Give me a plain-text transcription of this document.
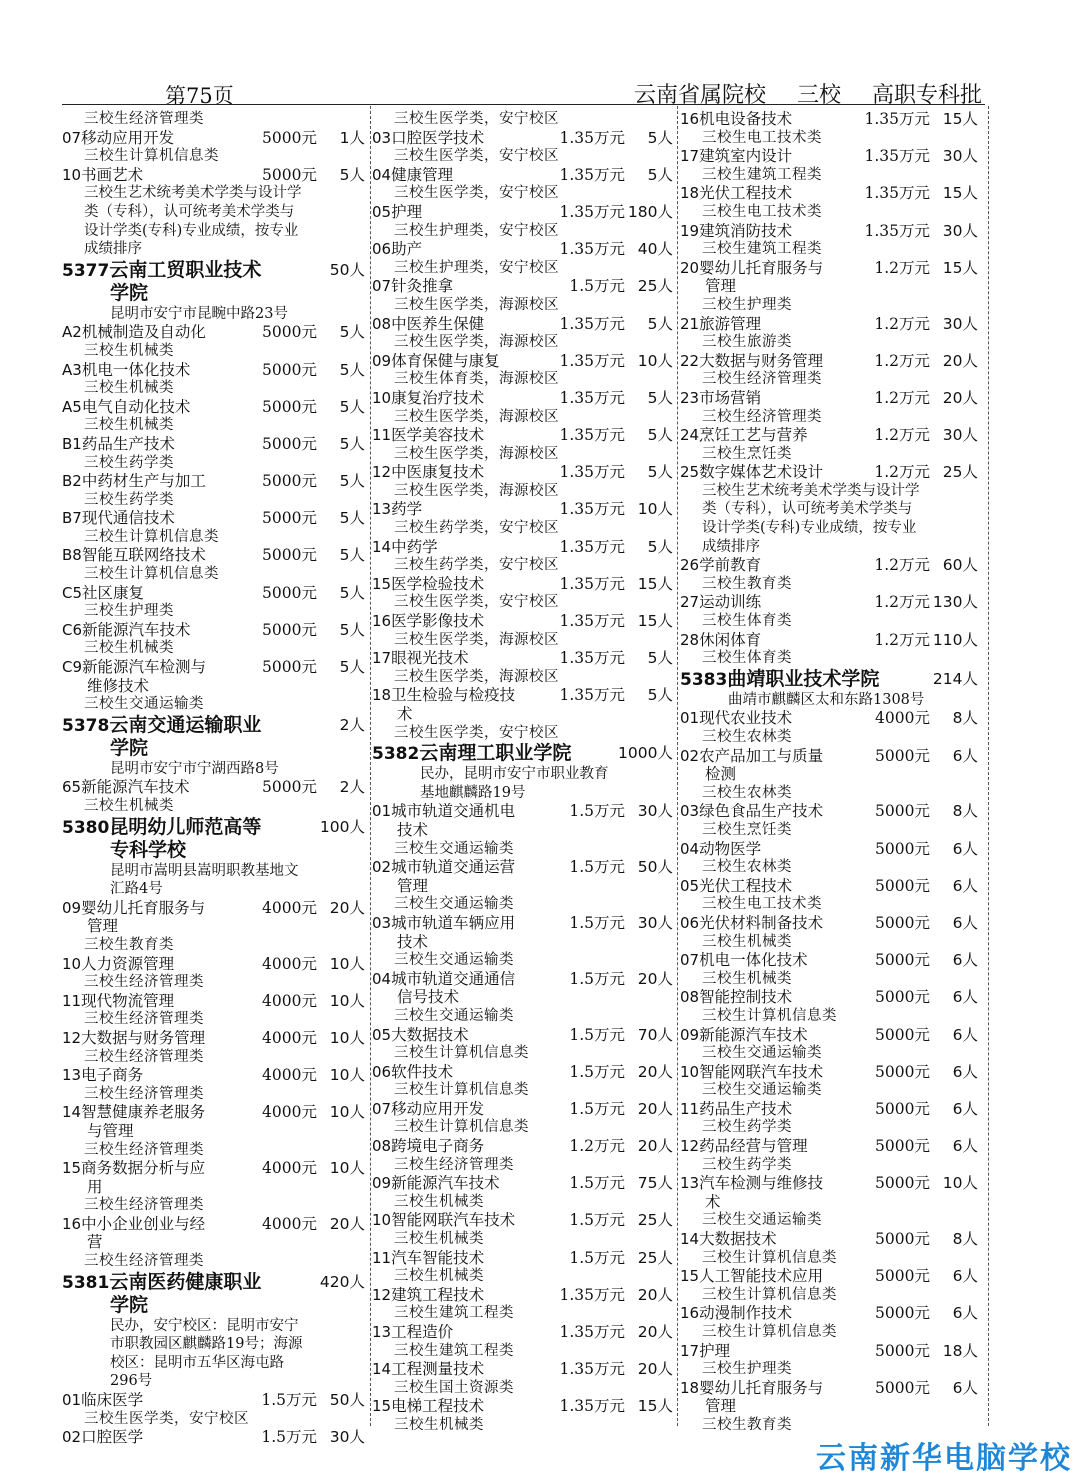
第75页	云南省属院校 三校 高职专科批
三校生经济管理类
07移动应用开发	5000元 1人
三校生计算机信息类
10书画艺术	5000元 5人
三校生艺术统考美术学类与设计学
类（专科），认可统考美术学类与
设计学类(专科)专业成绩，按专业
成绩排序
5377云南工贸职业技术	50人
学院
昆明市安宁市昆畹中路23号
A2机械制造及自动化	5000元 5人
三校生机械类
A3机电一体化技术	5000元 5人
三校生机械类
A5电气自动化技术	5000元 5人
三校生机械类
B1药品生产技术	5000元 5人
三校生药学类
B2中药材生产与加工	5000元 5人
三校生药学类
B7现代通信技术	5000元 5人
三校生计算机信息类
B8智能互联网络技术	5000元 5人
三校生计算机信息类
C5社区康复	5000元 5人
三校生护理类
C6新能源汽车技术	5000元 5人
三校生机械类
C9新能源汽车检测与	5000元 5人
维修技术
三校生交通运输类
5378云南交通运输职业	2人
学院
昆明市安宁市宁湖西路8号
65新能源汽车技术	5000元 2人
三校生机械类
5380昆明幼儿师范高等	100人
专科学校
昆明市嵩明县嵩明职教基地文
汇路4号
09婴幼儿托育服务与	4000元 20人
管理
三校生教育类
10人力资源管理	4000元 10人
三校生经济管理类
11现代物流管理	4000元 10人
三校生经济管理类
12大数据与财务管理	4000元 10人
三校生经济管理类
13电子商务	4000元 10人
三校生经济管理类
14智慧健康养老服务	4000元 10人
与管理
三校生经济管理类
15商务数据分析与应	4000元 10人
用
三校生经济管理类
16中小企业创业与经	4000元 20人
营
三校生经济管理类
5381云南医药健康职业	420人
学院
民办，安宁校区：昆明市安宁
市职教园区麒麟路19号；海源
校区：昆明市五华区海屯路
296号
01临床医学	1.5万元 50人
三校生医学类，安宁校区
02口腔医学	1.5万元 30人
三校生医学类，安宁校区
03口腔医学技术	1.35万元 5人
三校生医学类，安宁校区
04健康管理	1.35万元 5人
三校生医学类，安宁校区
05护理	1.35万元 180人
三校生护理类，安宁校区
06助产	1.35万元 40人
三校生护理类，安宁校区
07针灸推拿	1.5万元 25人
三校生医学类，海源校区
08中医养生保健	1.35万元 5人
三校生医学类，海源校区
09体育保健与康复	1.35万元 10人
三校生体育类，海源校区
10康复治疗技术	1.35万元 5人
三校生医学类，海源校区
11医学美容技术	1.35万元 5人
三校生医学类，海源校区
12中医康复技术	1.35万元 5人
三校生医学类，海源校区
13药学	1.35万元 10人
三校生药学类，安宁校区
14中药学	1.35万元 5人
三校生药学类，安宁校区
15医学检验技术	1.35万元 15人
三校生医学类，安宁校区
16医学影像技术	1.35万元 15人
三校生医学类，海源校区
17眼视光技术	1.35万元 5人
三校生医学类，海源校区
18卫生检验与检疫技	1.35万元 5人
术
三校生医学类，安宁校区
5382云南理工职业学院	1000人
民办，昆明市安宁市职业教育
基地麒麟路19号
01城市轨道交通机电	1.5万元 30人
技术
三校生交通运输类
02城市轨道交通运营	1.5万元 50人
管理
三校生交通运输类
03城市轨道车辆应用	1.5万元 30人
技术
三校生交通运输类
04城市轨道交通通信	1.5万元 20人
信号技术
三校生交通运输类
05大数据技术	1.5万元 70人
三校生计算机信息类
06软件技术	1.5万元 20人
三校生计算机信息类
07移动应用开发	1.5万元 20人
三校生计算机信息类
08跨境电子商务	1.2万元 20人
三校生经济管理类
09新能源汽车技术	1.5万元 75人
三校生机械类
10智能网联汽车技术	1.5万元 25人
三校生机械类
11汽车智能技术	1.5万元 25人
三校生机械类
12建筑工程技术	1.35万元 20人
三校生建筑工程类
13工程造价	1.35万元 20人
三校生建筑工程类
14工程测量技术	1.35万元 20人
三校生国土资源类
15电梯工程技术	1.35万元 15人
三校生机械类
16机电设备技术	1.35万元 15人
三校生电工技术类
17建筑室内设计	1.35万元 30人
三校生建筑工程类
18光伏工程技术	1.35万元 15人
三校生电工技术类
19建筑消防技术	1.35万元 30人
三校生建筑工程类
20婴幼儿托育服务与	1.2万元 15人
管理
三校生护理类
21旅游管理	1.2万元 30人
三校生旅游类
22大数据与财务管理	1.2万元 20人
三校生经济管理类
23市场营销	1.2万元 20人
三校生经济管理类
24烹饪工艺与营养	1.2万元 30人
三校生烹饪类
25数字媒体艺术设计	1.2万元 25人
三校生艺术统考美术学类与设计学
类（专科），认可统考美术学类与
设计学类(专科)专业成绩，按专业
成绩排序
26学前教育	1.2万元 60人
三校生教育类
27运动训练	1.2万元 130人
三校生体育类
28休闲体育	1.2万元 110人
三校生体育类
5383曲靖职业技术学院	214人
曲靖市麒麟区太和东路1308号
01现代农业技术	4000元 8人
三校生农林类
02农产品加工与质量	5000元 6人
检测
三校生农林类
03绿色食品生产技术	5000元 8人
三校生烹饪类
04动物医学	5000元 6人
三校生农林类
05光伏工程技术	5000元 6人
三校生电工技术类
06光伏材料制备技术	5000元 6人
三校生机械类
07机电一体化技术	5000元 6人
三校生机械类
08智能控制技术	5000元 6人
三校生计算机信息类
09新能源汽车技术	5000元 6人
三校生交通运输类
10智能网联汽车技术	5000元 6人
三校生交通运输类
11药品生产技术	5000元 6人
三校生药学类
12药品经营与管理	5000元 6人
三校生药学类
13汽车检测与维修技	5000元 10人
术
三校生交通运输类
14大数据技术	5000元 8人
三校生计算机信息类
15人工智能技术应用	5000元 6人
三校生计算机信息类
16动漫制作技术	5000元 6人
三校生计算机信息类
17护理	5000元 18人
三校生护理类
18婴幼儿托育服务与	5000元 6人
管理
三校生教育类
云南新华电脑学校
